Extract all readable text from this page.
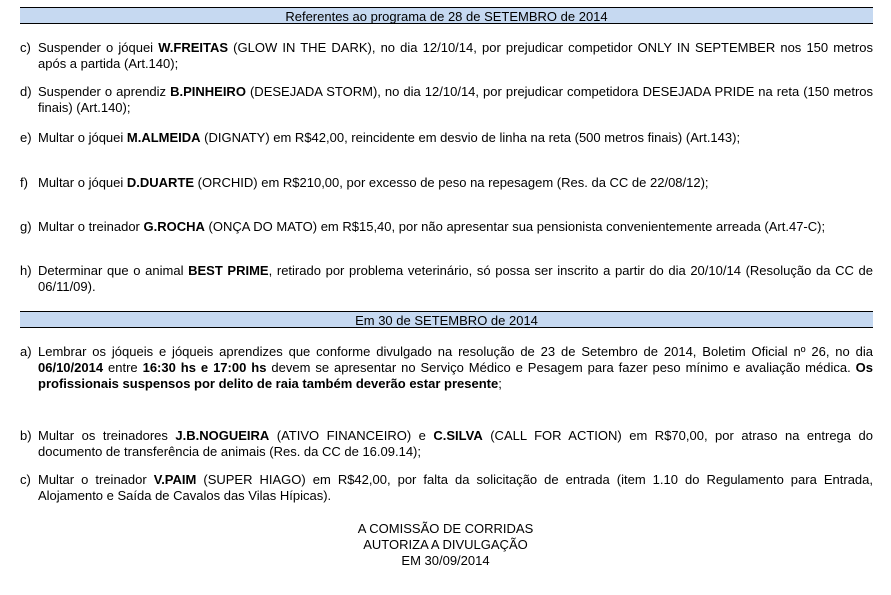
Referentes ao programa de 28 de SETEMBRO de 2014
c) Suspender o jóquei W.FREITAS (GLOW IN THE DARK), no dia 12/10/14, por prejudicar competidor ONLY IN SEPTEMBER nos 150 metros após a partida (Art.140);
d) Suspender o aprendiz B.PINHEIRO (DESEJADA STORM), no dia 12/10/14, por prejudicar competidora DESEJADA PRIDE na reta (150 metros finais) (Art.140);
e) Multar o jóquei M.ALMEIDA (DIGNATY) em R$42,00, reincidente em desvio de linha na reta (500 metros finais) (Art.143);
f) Multar o jóquei D.DUARTE (ORCHID) em R$210,00, por excesso de peso na repesagem (Res. da CC de 22/08/12);
g) Multar o treinador G.ROCHA (ONÇA DO MATO) em R$15,40, por não apresentar sua pensionista convenientemente arreada (Art.47-C);
h) Determinar que o animal BEST PRIME, retirado por problema veterinário, só possa ser inscrito a partir do dia 20/10/14 (Resolução da CC de 06/11/09).
Em 30 de SETEMBRO de 2014
a) Lembrar os jóqueis e jóqueis aprendizes que conforme divulgado na resolução de 23 de Setembro de 2014, Boletim Oficial nº 26, no dia 06/10/2014 entre 16:30 hs e 17:00 hs devem se apresentar no Serviço Médico e Pesagem para fazer peso mínimo e avaliação médica. Os profissionais suspensos por delito de raia também deverão estar presente;
b) Multar os treinadores J.B.NOGUEIRA (ATIVO FINANCEIRO) e C.SILVA (CALL FOR ACTION) em R$70,00, por atraso na entrega do documento de transferência de animais (Res. da CC de 16.09.14);
c) Multar o treinador V.PAIM (SUPER HIAGO) em R$42,00, por falta da solicitação de entrada (item 1.10 do Regulamento para Entrada, Alojamento e Saída de Cavalos das Vilas Hípicas).
A COMISSÃO DE CORRIDAS
AUTORIZA A DIVULGAÇÃO
EM 30/09/2014
